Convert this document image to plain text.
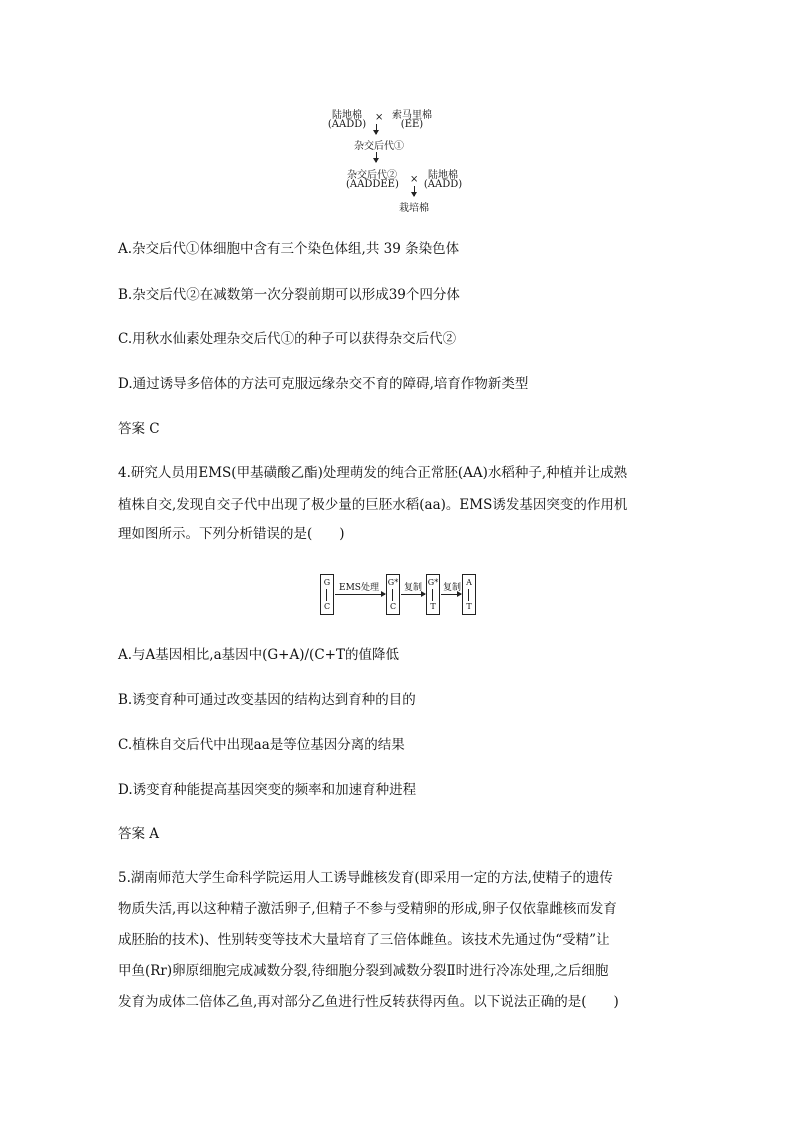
陆地棉
(AADD)
× 索马里棉
(EE)
杂交后代①
杂交后代②
(AADDEE) × 陆地棉
(AADD)
栽培棉
A.杂交后代①体细胞中含有三个染色体组,共 39 条染色体
B.杂交后代②在减数第一次分裂前期可以形成39个四分体
C.用秋水仙素处理杂交后代①的种子可以获得杂交后代②
D.通过诱导多倍体的方法可克服远缘杂交不育的障碍,培育作物新类型
答案 C
4.研究人员用EMS(甲基磺酸乙酯)处理萌发的纯合正常胚(AA)水稻种子,种植并让成熟
植株自交,发现自交子代中出现了极少量的巨胚水稻(aa)。EMS诱发基因突变的作用机
理如图所示。下列分析错误的是(　　)
G
C
EMS处理
G*
C
复制
G*
T
复制
A
T
A.与A基因相比,a基因中(G+A)/(C+T的值降低
B.诱变育种可通过改变基因的结构达到育种的目的
C.植株自交后代中出现aa是等位基因分离的结果
D.诱变育种能提高基因突变的频率和加速育种进程
答案 A
5.湖南师范大学生命科学院运用人工诱导雌核发育(即采用一定的方法,使精子的遗传
物质失活,再以这种精子激活卵子,但精子不参与受精卵的形成,卵子仅依靠雌核而发育
成胚胎的技术)、性别转变等技术大量培育了三倍体雌鱼。该技术先通过伪“受精”让
甲鱼(Rr)卵原细胞完成减数分裂,待细胞分裂到减数分裂Ⅱ时进行冷冻处理,之后细胞
发育为成体二倍体乙鱼,再对部分乙鱼进行性反转获得丙鱼。以下说法正确的是(　　)
